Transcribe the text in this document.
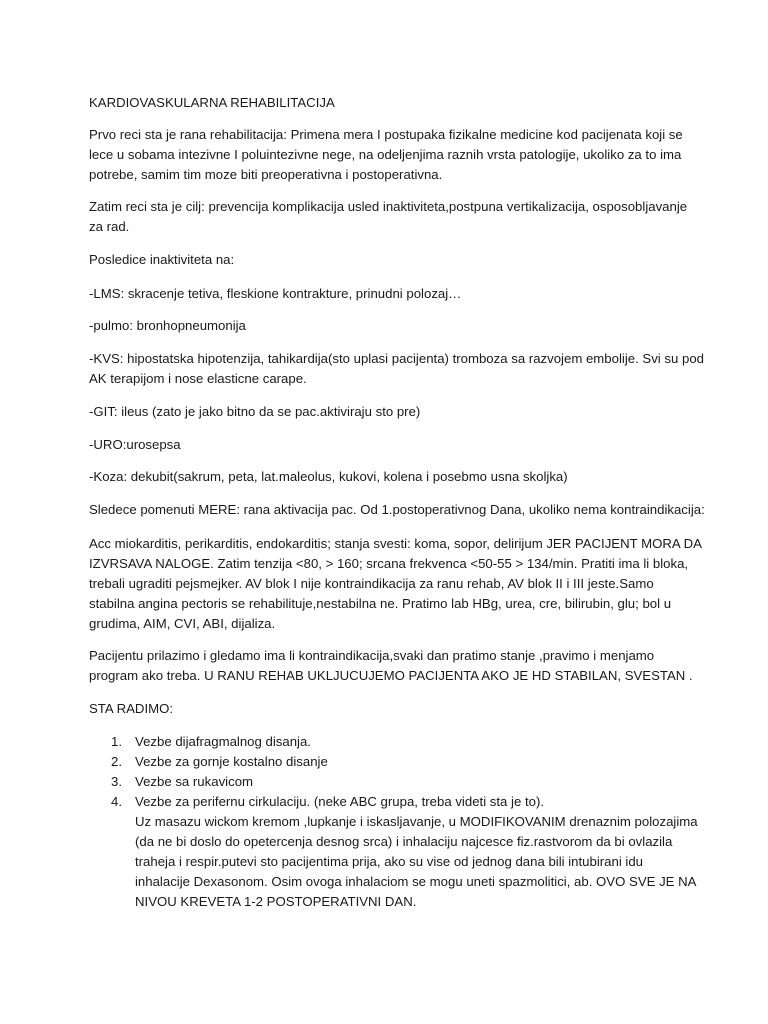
KARDIOVASKULARNA REHABILITACIJA

Prvo reci sta je rana rehabilitacija: Primena mera I postupaka fizikalne medicine kod pacijenata koji se
lece u sobama intezivne I poluintezivne nege, na odeljenjima raznih vrsta patologije, ukoliko za to ima
potrebe, samim tim moze biti preoperativna i postoperativna.

Zatim reci sta je cilj: prevencija komplikacija usled inaktiviteta,postpuna vertikalizacija, osposobljavanje
za rad.

Posledice inaktiviteta na:

-LMS: skracenje tetiva, fleskione kontrakture, prinudni polozaj…

-pulmo: bronhopneumonija

-KVS: hipostatska hipotenzija, tahikardija(sto uplasi pacijenta) tromboza sa razvojem embolije. Svi su pod
AK terapijom i nose elasticne carape.

-GIT: ileus (zato je jako bitno da se pac.aktiviraju sto pre)

-URO:urosepsa

-Koza: dekubit(sakrum, peta, lat.maleolus, kukovi, kolena i posebmo usna skoljka)

Sledece pomenuti MERE: rana aktivacija pac. Od 1.postoperativnog Dana, ukoliko nema kontraindikacija:

Acc miokarditis, perikarditis, endokarditis; stanja svesti: koma, sopor, delirijum JER PACIJENT MORA DA
IZVRSAVA NALOGE. Zatim tenzija <80, > 160; srcana frekvenca <50-55 > 134/min. Pratiti ima li bloka,
trebali ugraditi pejsmejker. AV blok I nije kontraindikacija za ranu rehab, AV blok II i III jeste.Samo
stabilna angina pectoris se rehabilituje,nestabilna ne. Pratimo lab HBg, urea, cre, bilirubin, glu; bol u
grudima, AIM, CVI, ABI, dijaliza.

Pacijentu prilazimo i gledamo ima li kontraindikacija,svaki dan pratimo stanje ,pravimo i menjamo
program ako treba. U RANU REHAB UKLJUCUJEMO PACIJENTA AKO JE HD STABILAN, SVESTAN .

STA RADIMO:

1. Vezbe dijafragmalnog disanja.
2. Vezbe za gornje kostalno disanje
3. Vezbe sa rukavicom
4. Vezbe za perifernu cirkulaciju. (neke ABC grupa, treba videti sta je to).
Uz masazu wickom kremom ,lupkanje i iskasljavanje, u MODIFIKOVANIM drenaznim polozajima
(da ne bi doslo do opetercenja desnog srca) i inhalaciju najcesce fiz.rastvorom da bi ovlazila
traheja i respir.putevi sto pacijentima prija, ako su vise od jednog dana bili intubirani idu
inhalacije Dexasonom. Osim ovoga inhalaciom se mogu uneti spazmolitici, ab. OVO SVE JE NA
NIVOU KREVETA 1-2 POSTOPERATIVNI DAN.
